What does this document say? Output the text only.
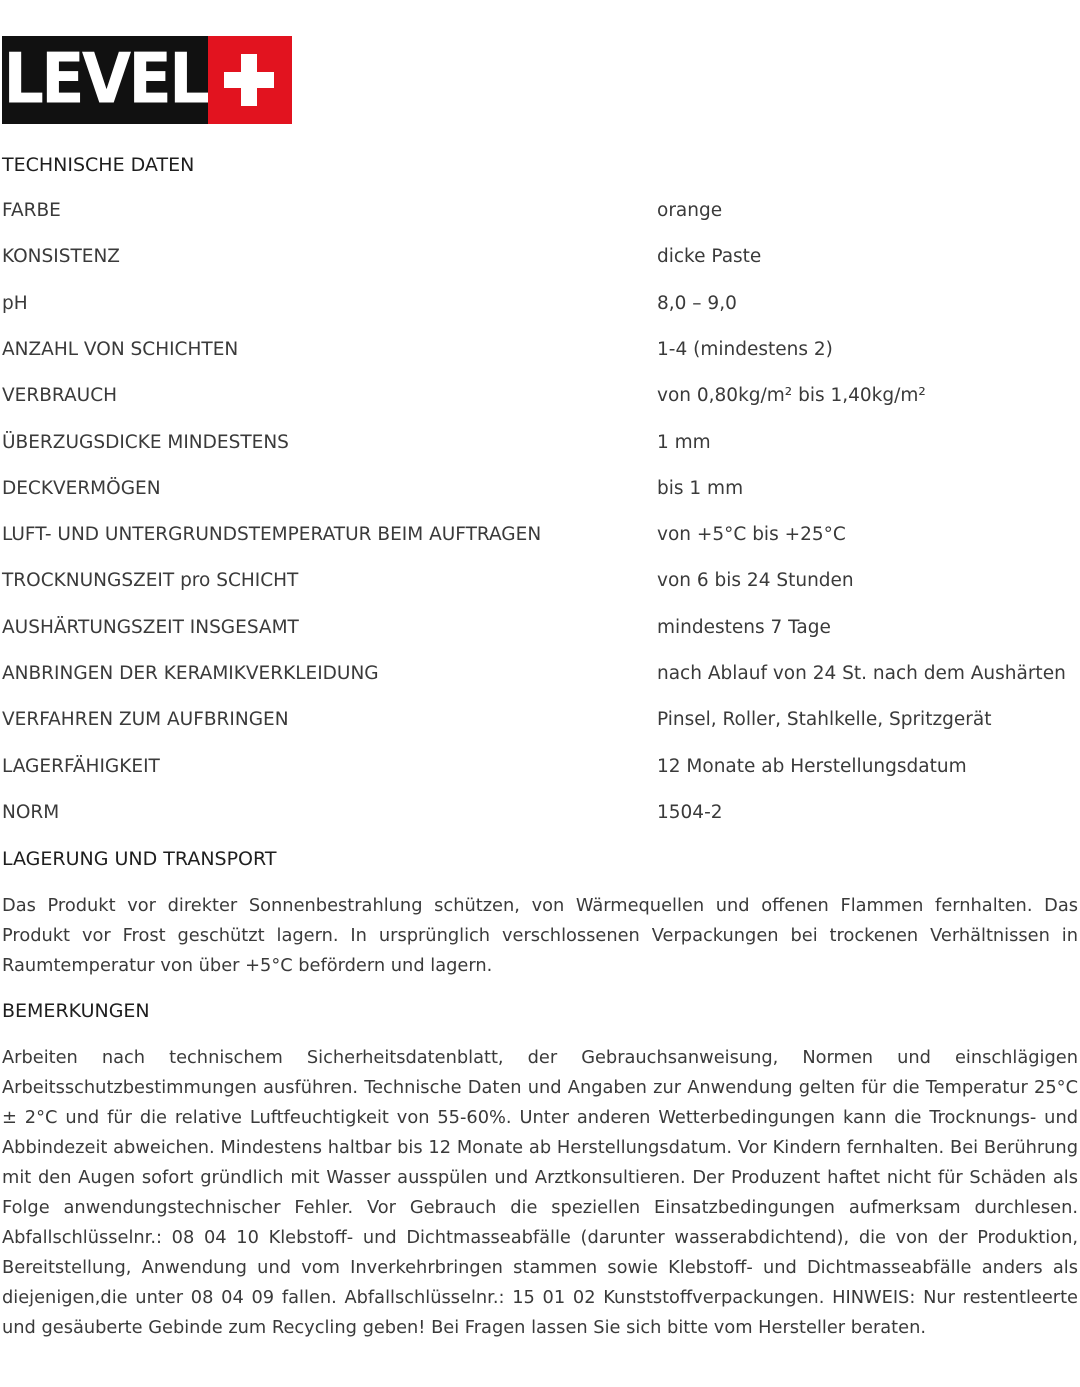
LEVEL
TECHNISCHE DATEN
FARBE	orange
KONSISTENZ	dicke Paste
pH	8,0 – 9,0
ANZAHL VON SCHICHTEN	1-4 (mindestens 2)
VERBRAUCH	von 0,80kg/m² bis 1,40kg/m²
ÜBERZUGSDICKE MINDESTENS	1 mm
DECKVERMÖGEN	bis 1 mm
LUFT- UND UNTERGRUNDSTEMPERATUR BEIM AUFTRAGEN	von +5°C bis +25°C
TROCKNUNGSZEIT pro SCHICHT	von 6 bis 24 Stunden
AUSHÄRTUNGSZEIT INSGESAMT	mindestens 7 Tage
ANBRINGEN DER KERAMIKVERKLEIDUNG	nach Ablauf von 24 St. nach dem Aushärten
VERFAHREN ZUM AUFBRINGEN	Pinsel, Roller, Stahlkelle, Spritzgerät
LAGERFÄHIGKEIT	12 Monate ab Herstellungsdatum
NORM	1504-2
LAGERUNG UND TRANSPORT

Das Produkt vor direkter Sonnenbestrahlung schützen, von Wärmequellen und offenen Flammen fernhalten. Das Produkt vor Frost geschützt lagern. In ursprünglich verschlossenen Verpackungen bei trockenen Verhältnissen in Raumtemperatur von über +5°C befördern und lagern.

BEMERKUNGEN

Arbeiten nach technischem Sicherheitsdatenblatt, der Gebrauchsanweisung, Normen und einschlägigen Arbeitsschutzbestimmungen ausführen. Technische Daten und Angaben zur Anwendung gelten für die Temperatur 25°C ± 2°C und für die relative Luftfeuchtigkeit von 55-60%. Unter anderen Wetterbedingungen kann die Trocknungs- und Abbindezeit abweichen. Mindestens haltbar bis 12 Monate ab Herstellungsdatum. Vor Kindern fernhalten. Bei Berührung mit den Augen sofort gründlich mit Wasser ausspülen und Arztkonsultieren. Der Produzent haftet nicht für Schäden als Folge anwendungstechnischer Fehler. Vor Gebrauch die speziellen Einsatzbedingungen aufmerksam durchlesen. Abfallschlüsselnr.: 08 04 10 Klebstoff- und Dichtmasseabfälle (darunter wasserabdichtend), die von der Produktion, Bereitstellung, Anwendung und vom Inverkehrbringen stammen sowie Klebstoff- und Dichtmasseabfälle anders als diejenigen,die unter 08 04 09 fallen. Abfallschlüsselnr.: 15 01 02 Kunststoffverpackungen. HINWEIS: Nur restentleerte und gesäuberte Gebinde zum Recycling geben! Bei Fragen lassen Sie sich bitte vom Hersteller beraten.
